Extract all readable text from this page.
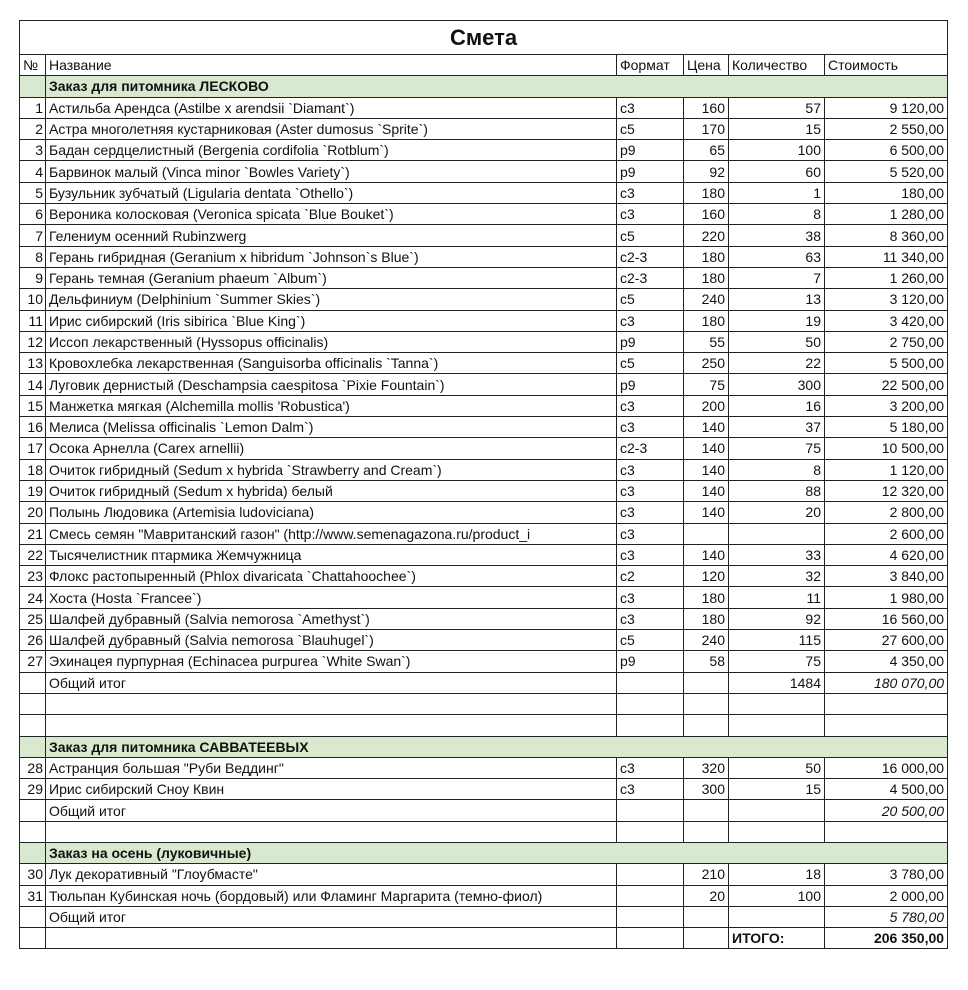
Смета					
№	Название	Формат	Цена	Количество	Стоимость
	Заказ для питомника ЛЕСКОВО				
1	Астильба Арендса (Astilbe x arendsii `Diamant`)	c3	160	57	9 120,00
2	Астра многолетняя кустарниковая (Aster dumosus `Sprite`)	c5	170	15	2 550,00
3	Бадан сердцелистный (Bergenia cordifolia `Rotblum`)	p9	65	100	6 500,00
4	Барвинок малый (Vinca minor `Bowles Variety`)	p9	92	60	5 520,00
5	Бузульник зубчатый (Ligularia dentata `Othello`)	c3	180	1	180,00
6	Вероника колосковая (Veronica spicata `Blue Bouket`)	c3	160	8	1 280,00
7	Гелениум осенний Rubinzwerg	c5	220	38	8 360,00
8	Герань гибридная (Geranium x hibridum `Johnson`s Blue`)	c2-3	180	63	11 340,00
9	Герань темная (Geranium phaeum `Album`)	c2-3	180	7	1 260,00
10	Дельфиниум (Delphinium `Summer Skies`)	c5	240	13	3 120,00
11	Ирис сибирский (Iris sibirica `Blue King`)	c3	180	19	3 420,00
12	Иссоп лекарственный (Hyssopus officinalis)	p9	55	50	2 750,00
13	Кровохлебка лекарственная (Sanguisorba officinalis `Tanna`)	c5	250	22	5 500,00
14	Луговик дернистый (Deschampsia caespitosa `Pixie Fountain`)	p9	75	300	22 500,00
15	Манжетка мягкая (Alchemilla mollis 'Robustica')	c3	200	16	3 200,00
16	Мелиса (Melissa officinalis `Lemon Dalm`)	c3	140	37	5 180,00
17	Осока Арнелла (Carex arnellii)	c2-3	140	75	10 500,00
18	Очиток гибридный (Sedum x hybrida `Strawberry and Cream`)	c3	140	8	1 120,00
19	Очиток гибридный (Sedum x hybrida) белый	c3	140	88	12 320,00
20	Полынь Людовика (Artemisia ludoviciana)	c3	140	20	2 800,00
21	Смесь семян "Мавританский газон" (http://www.semenagazona.ru/product_i	c3			2 600,00
22	Тысячелистник птармика Жемчужница	c3	140	33	4 620,00
23	Флокс растопыренный (Phlox divaricata `Chattahoochee`)	c2	120	32	3 840,00
24	Хоста (Hosta `Francee`)	c3	180	11	1 980,00
25	Шалфей дубравный (Salvia nemorosa `Amethyst`)	c3	180	92	16 560,00
26	Шалфей дубравный (Salvia nemorosa `Blauhugel`)	c5	240	115	27 600,00
27	Эхинацея пурпурная (Echinacea purpurea `White Swan`)	p9	58	75	4 350,00
	Общий итог			1484	180 070,00

	Заказ для питомника САВВАТЕЕВЫХ				
28	Астранция большая "Руби Веддинг"	c3	320	50	16 000,00
29	Ирис сибирский Сноу Квин	c3	300	15	4 500,00
	Общий итог				20 500,00

	Заказ на осень (луковичные)				
30	Лук декоративный "Глоубмасте"		210	18	3 780,00
31	Тюльпан Кубинская ночь (бордовый) или Фламинг Маргарита (темно-фиол)		20	100	2 000,00
	Общий итог				5 780,00
				ИТОГО:	206 350,00
